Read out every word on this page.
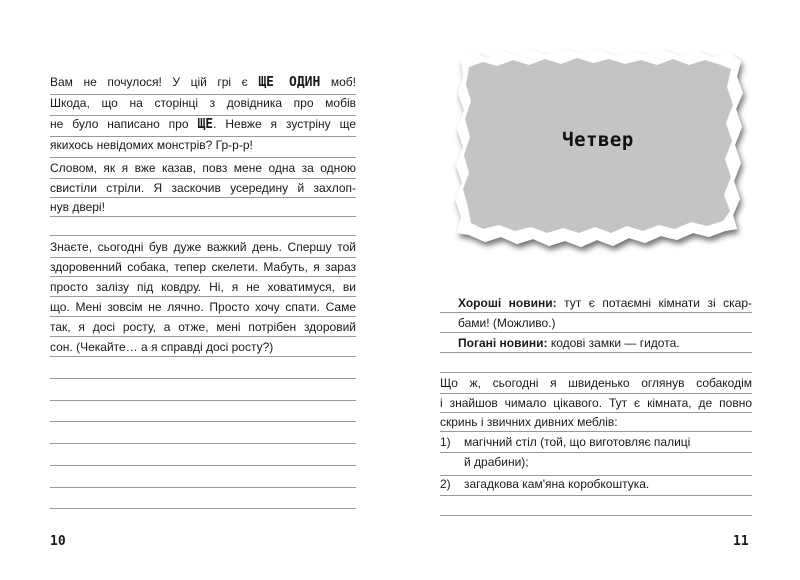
Вам не почулося! У цій грі є ЩЕ ОДИН моб!

Шкода, що на сторінці з довідника про мобів

не було написано про ЩЕ. Невже я зустріну ще

якихось невідомих монстрів? Гр-р-р!

Словом, як я вже казав, повз мене одна за одною

свистіли стріли. Я заскочив усередину й захлоп-

нув двері!

Знаєте, сьогодні був дуже важкий день. Спершу той

здоровенний собака, тепер скелети. Мабуть, я зараз

просто залізу під ковдру. Ні, я не ховатимуся, ви

що. Мені зовсім не лячно. Просто хочу спати. Саме

так, я досі росту, а отже, мені потрібен здоровий

сон. (Чекайте… а я справді досі росту?)

10
Четвер

Хороші новини: тут є потаємні кімнати зі скар-

бами! (Можливо.)

Погані новини: кодові замки — гидота.

Що ж, сьогодні я швиденько оглянув собакодім

і знайшов чимало цікавого. Тут є кімната, де повно

скринь і звичних дивних меблів:

1) магічний стіл (той, що виготовляє палиці

й драбини);

2) загадкова кам'яна коробкоштука.

11
